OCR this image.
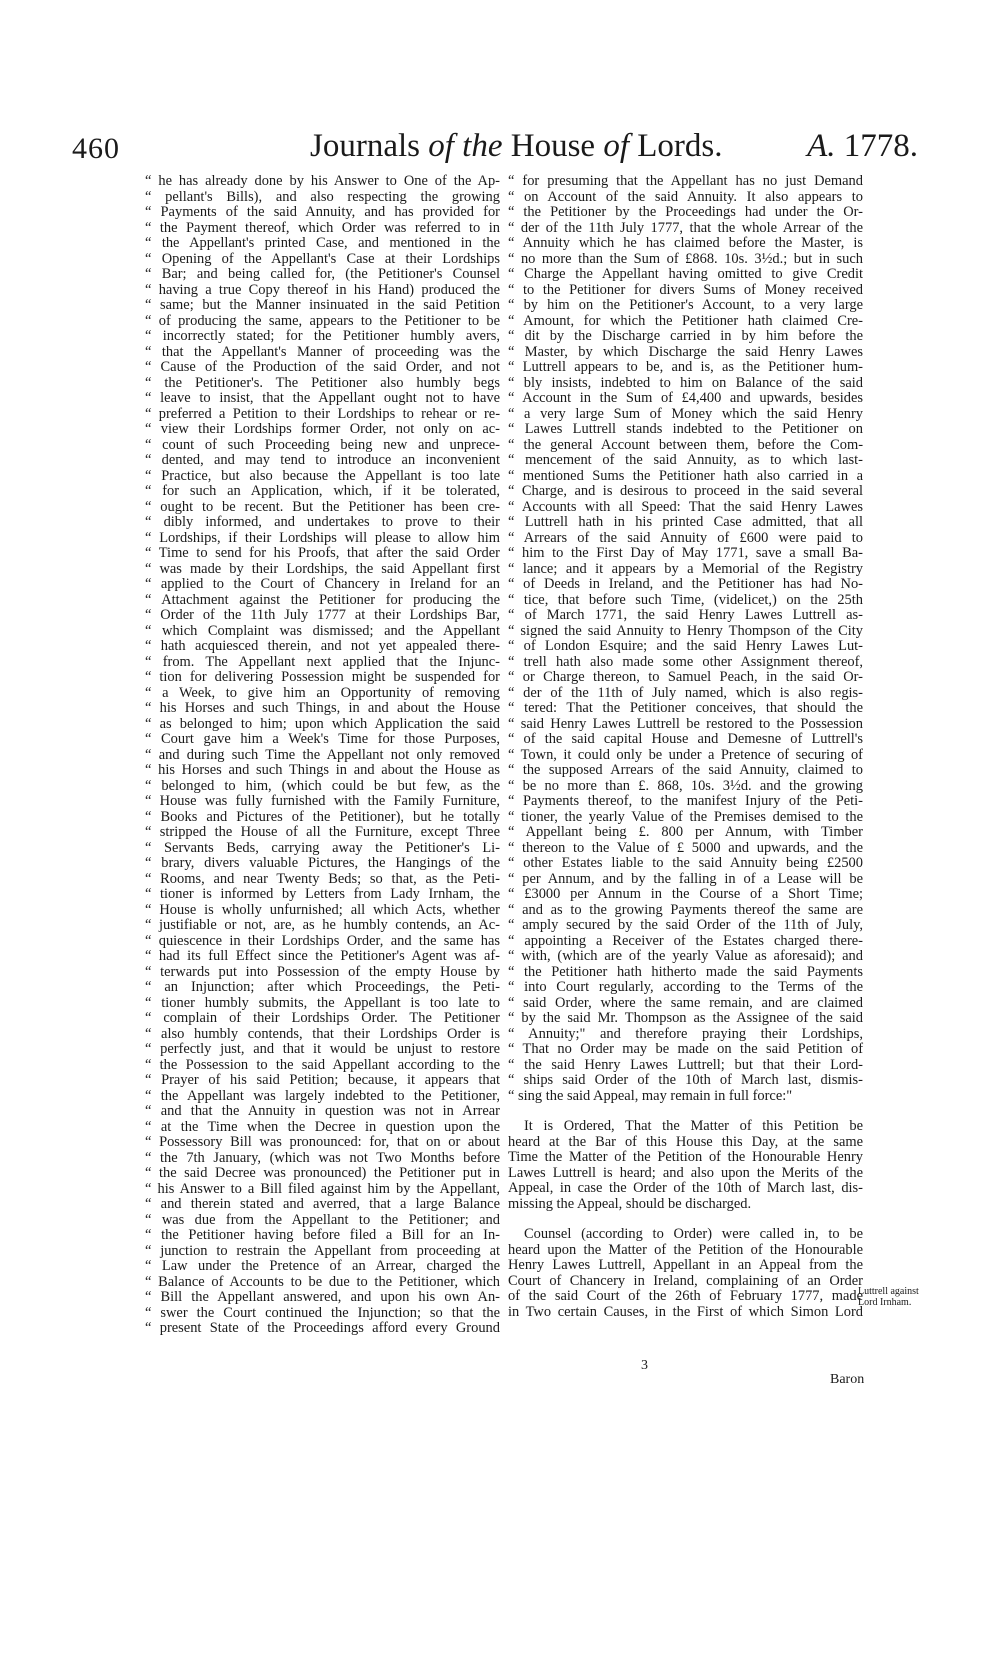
460	Journals of the House of Lords.	A. 1778.
“ he has already done by his Answer to One of the Ap-
“ pellant's Bills), and also respecting the growing
“ Payments of the said Annuity, and has provided for
“ the Payment thereof, which Order was referred to in
“ the Appellant's printed Case, and mentioned in the
“ Opening of the Appellant's Case at their Lordships
“ Bar; and being called for, (the Petitioner's Counsel
“ having a true Copy thereof in his Hand) produced the
“ same; but the Manner insinuated in the said Petition
“ of producing the same, appears to the Petitioner to be
“ incorrectly stated; for the Petitioner humbly avers,
“ that the Appellant's Manner of proceeding was the
“ Cause of the Production of the said Order, and not
“ the Petitioner's. The Petitioner also humbly begs
“ leave to insist, that the Appellant ought not to have
“ preferred a Petition to their Lordships to rehear or re-
“ view their Lordships former Order, not only on ac-
“ count of such Proceeding being new and unprece-
“ dented, and may tend to introduce an inconvenient
“ Practice, but also because the Appellant is too late
“ for such an Application, which, if it be tolerated,
“ ought to be recent. But the Petitioner has been cre-
“ dibly informed, and undertakes to prove to their
“ Lordships, if their Lordships will please to allow him
“ Time to send for his Proofs, that after the said Order
“ was made by their Lordships, the said Appellant first
“ applied to the Court of Chancery in Ireland for an
“ Attachment against the Petitioner for producing the
“ Order of the 11th July 1777 at their Lordships Bar,
“ which Complaint was dismissed; and the Appellant
“ hath acquiesced therein, and not yet appealed there-
“ from. The Appellant next applied that the Injunc-
“ tion for delivering Possession might be suspended for
“ a Week, to give him an Opportunity of removing
“ his Horses and such Things, in and about the House
“ as belonged to him; upon which Application the said
“ Court gave him a Week's Time for those Purposes,
“ and during such Time the Appellant not only removed
“ his Horses and such Things in and about the House as
“ belonged to him, (which could be but few, as the
“ House was fully furnished with the Family Furniture,
“ Books and Pictures of the Petitioner), but he totally
“ stripped the House of all the Furniture, except Three
“ Servants Beds, carrying away the Petitioner's Li-
“ brary, divers valuable Pictures, the Hangings of the
“ Rooms, and near Twenty Beds; so that, as the Peti-
“ tioner is informed by Letters from Lady Irnham, the
“ House is wholly unfurnished; all which Acts, whether
“ justifiable or not, are, as he humbly contends, an Ac-
“ quiescence in their Lordships Order, and the same has
“ had its full Effect since the Petitioner's Agent was af-
“ terwards put into Possession of the empty House by
“ an Injunction; after which Proceedings, the Peti-
“ tioner humbly submits, the Appellant is too late to
“ complain of their Lordships Order. The Petitioner
“ also humbly contends, that their Lordships Order is
“ perfectly just, and that it would be unjust to restore
“ the Possession to the said Appellant according to the
“ Prayer of his said Petition; because, it appears that
“ the Appellant was largely indebted to the Petitioner,
“ and that the Annuity in question was not in Arrear
“ at the Time when the Decree in question upon the
“ Possessory Bill was pronounced: for, that on or about
“ the 7th January, (which was not Two Months before
“ the said Decree was pronounced) the Petitioner put in
“ his Answer to a Bill filed against him by the Appellant,
“ and therein stated and averred, that a large Balance
“ was due from the Appellant to the Petitioner; and
“ the Petitioner having before filed a Bill for an In-
“ junction to restrain the Appellant from proceeding at
“ Law under the Pretence of an Arrear, charged the
“ Balance of Accounts to be due to the Petitioner, which
“ Bill the Appellant answered, and upon his own An-
“ swer the Court continued the Injunction; so that the
“ present State of the Proceedings afford every Ground
“ for presuming that the Appellant has no just Demand
“ on Account of the said Annuity. It also appears to
“ the Petitioner by the Proceedings had under the Or-
“ der of the 11th July 1777, that the whole Arrear of the
“ Annuity which he has claimed before the Master, is
“ no more than the Sum of £868. 10s. 3½d.; but in such
“ Charge the Appellant having omitted to give Credit
“ to the Petitioner for divers Sums of Money received
“ by him on the Petitioner's Account, to a very large
“ Amount, for which the Petitioner hath claimed Cre-
“ dit by the Discharge carried in by him before the
“ Master, by which Discharge the said Henry Lawes
“ Luttrell appears to be, and is, as the Petitioner hum-
“ bly insists, indebted to him on Balance of the said
“ Account in the Sum of £4,400 and upwards, besides
“ a very large Sum of Money which the said Henry
“ Lawes Luttrell stands indebted to the Petitioner on
“ the general Account between them, before the Com-
“ mencement of the said Annuity, as to which last-
“ mentioned Sums the Petitioner hath also carried in a
“ Charge, and is desirous to proceed in the said several
“ Accounts with all Speed: That the said Henry Lawes
“ Luttrell hath in his printed Case admitted, that all
“ Arrears of the said Annuity of £600 were paid to
“ him to the First Day of May 1771, save a small Ba-
“ lance; and it appears by a Memorial of the Registry
“ of Deeds in Ireland, and the Petitioner has had No-
“ tice, that before such Time, (videlicet,) on the 25th
“ of March 1771, the said Henry Lawes Luttrell as-
“ signed the said Annuity to Henry Thompson of the City
“ of London Esquire; and the said Henry Lawes Lut-
“ trell hath also made some other Assignment thereof,
“ or Charge thereon, to Samuel Peach, in the said Or-
“ der of the 11th of July named, which is also regis-
“ tered: That the Petitioner conceives, that should the
“ said Henry Lawes Luttrell be restored to the Possession
“ of the said capital House and Demesne of Luttrell's
“ Town, it could only be under a Pretence of securing of
“ the supposed Arrears of the said Annuity, claimed to
“ be no more than £. 868, 10s. 3½d. and the growing
“ Payments thereof, to the manifest Injury of the Peti-
“ tioner, the yearly Value of the Premises demised to the
“ Appellant being £. 800 per Annum, with Timber
“ thereon to the Value of £ 5000 and upwards, and the
“ other Estates liable to the said Annuity being £2500
“ per Annum, and by the falling in of a Lease will be
“ £3000 per Annum in the Course of a Short Time;
“ and as to the growing Payments thereof the same are
“ amply secured by the said Order of the 11th of July,
“ appointing a Receiver of the Estates charged there-
“ with, (which are of the yearly Value as aforesaid); and
“ the Petitioner hath hitherto made the said Payments
“ into Court regularly, according to the Terms of the
“ said Order, where the same remain, and are claimed
“ by the said Mr. Thompson as the Assignee of the said
“ Annuity;" and therefore praying their Lordships,
“ That no Order may be made on the said Petition of
“ the said Henry Lawes Luttrell; but that their Lord-
“ ships said Order of the 10th of March last, dismis-
“ sing the said Appeal, may remain in full force:"
It is Ordered, That the Matter of this Petition be
heard at the Bar of this House this Day, at the same
Time the Matter of the Petition of the Honourable Henry
Lawes Luttrell is heard; and also upon the Merits of the
Appeal, in case the Order of the 10th of March last, dis-
missing the Appeal, should be discharged.
Counsel (according to Order) were called in, to be
heard upon the Matter of the Petition of the Honourable
Henry Lawes Luttrell, Appellant in an Appeal from the
Court of Chancery in Ireland, complaining of an Order
of the said Court of the 26th of February 1777, made
in Two certain Causes, in the First of which Simon Lord
Luttrell against Lord Irnham.
3
Baron
